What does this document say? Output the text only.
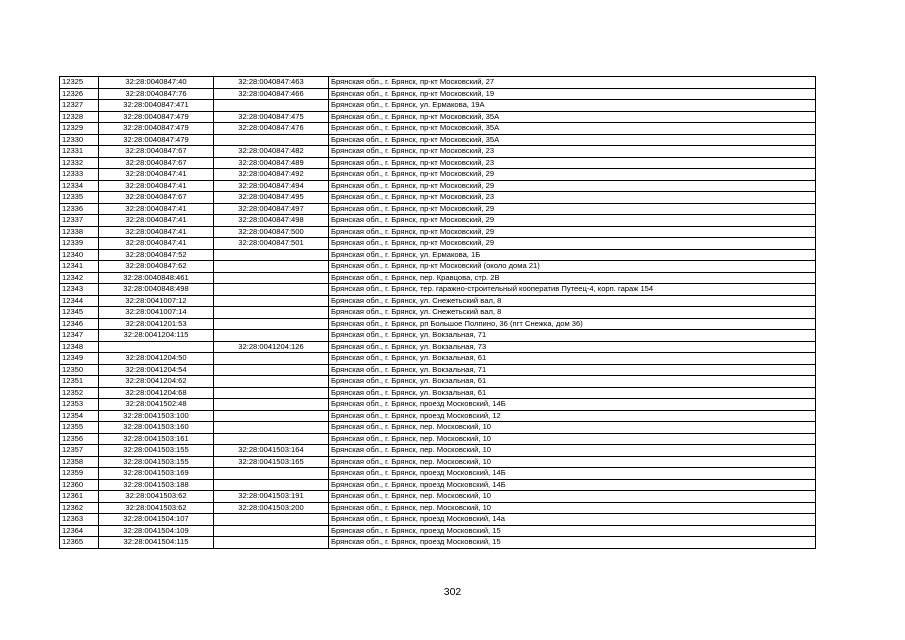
12325	32:28:0040847:40	32:28:0040847:463	Брянская обл., г. Брянск, пр-кт Московский, 27
12326	32:28:0040847:76	32:28:0040847:466	Брянская обл., г. Брянск, пр-кт Московский, 19
12327	32:28:0040847:471		Брянская обл., г. Брянск, ул. Ермакова, 19А
12328	32:28:0040847:479	32:28:0040847:475	Брянская обл., г. Брянск, пр-кт Московский, 35А
12329	32:28:0040847:479	32:28:0040847:476	Брянская обл., г. Брянск, пр-кт Московский, 35А
12330	32:28:0040847:479		Брянская обл., г. Брянск, пр-кт Московский, 35А
12331	32:28:0040847:67	32:28:0040847:482	Брянская обл., г. Брянск, пр-кт Московский, 23
12332	32:28:0040847:67	32:28:0040847:489	Брянская обл., г. Брянск, пр-кт Московский, 23
12333	32:28:0040847:41	32:28:0040847:492	Брянская обл., г. Брянск, пр-кт Московский, 29
12334	32:28:0040847:41	32:28:0040847:494	Брянская обл., г. Брянск, пр-кт Московский, 29
12335	32:28:0040847:67	32:28:0040847:495	Брянская обл., г. Брянск, пр-кт Московский, 23
12336	32:28:0040847:41	32:28:0040847:497	Брянская обл., г. Брянск, пр-кт Московский, 29
12337	32:28:0040847:41	32:28:0040847:498	Брянская обл., г. Брянск, пр-кт Московский, 29
12338	32:28:0040847:41	32:28:0040847:500	Брянская обл., г. Брянск, пр-кт Московский, 29
12339	32:28:0040847:41	32:28:0040847:501	Брянская обл., г. Брянск, пр-кт Московский, 29
12340	32:28:0040847:52		Брянская обл., г. Брянск, ул. Ермакова, 1Б
12341	32:28:0040847:62		Брянская обл., г. Брянск, пр-кт Московский (около дома 21)
12342	32:28:0040848:461		Брянская обл., г. Брянск, пер. Кравцова, стр. 2В
12343	32:28:0040848:498		Брянская обл., г. Брянск, тер. гаражно-строительный кооператив Путеец-4, корп. гараж 154
12344	32:28:0041007:12		Брянская обл., г. Брянск, ул. Снежетьский вал, 8
12345	32:28:0041007:14		Брянская обл., г. Брянск, ул. Снежетьский вал, 8
12346	32:28:0041201:53		Брянская обл., г. Брянск, рп Большое Полпино, 36 (пгт Снежка, дом 36)
12347	32:28:0041204:115		Брянская обл., г. Брянск, ул. Вокзальная, 71
12348		32:28:0041204:126	Брянская обл., г. Брянск, ул. Вокзальная, 73
12349	32:28:0041204:50		Брянская обл., г. Брянск, ул. Вокзальная, 61
12350	32:28:0041204:54		Брянская обл., г. Брянск, ул. Вокзальная, 71
12351	32:28:0041204:62		Брянская обл., г. Брянск, ул. Вокзальная, 61
12352	32:28:0041204:68		Брянская обл., г. Брянск, ул. Вокзальная, 61
12353	32:28:0041502:48		Брянская обл., г. Брянск, проезд Московский, 14Б
12354	32:28:0041503:100		Брянская обл., г. Брянск, проезд Московский, 12
12355	32:28:0041503:160		Брянская обл., г. Брянск, пер. Московский, 10
12356	32:28:0041503:161		Брянская обл., г. Брянск, пер. Московский, 10
12357	32:28:0041503:155	32:28:0041503:164	Брянская обл., г. Брянск, пер. Московский, 10
12358	32:28:0041503:155	32:28:0041503:165	Брянская обл., г. Брянск, пер. Московский, 10
12359	32:28:0041503:169		Брянская обл., г. Брянск, проезд Московский, 14Б
12360	32:28:0041503:188		Брянская обл., г. Брянск, проезд Московский, 14Б
12361	32:28:0041503:62	32:28:0041503:191	Брянская обл., г. Брянск, пер. Московский, 10
12362	32:28:0041503:62	32:28:0041503:200	Брянская обл., г. Брянск, пер. Московский, 10
12363	32:28:0041504:107		Брянская обл., г. Брянск, проезд Московский, 14а
12364	32:28:0041504:109		Брянская обл., г. Брянск, проезд Московский, 15
12365	32:28:0041504:115		Брянская обл., г. Брянск, проезд Московский, 15
302
